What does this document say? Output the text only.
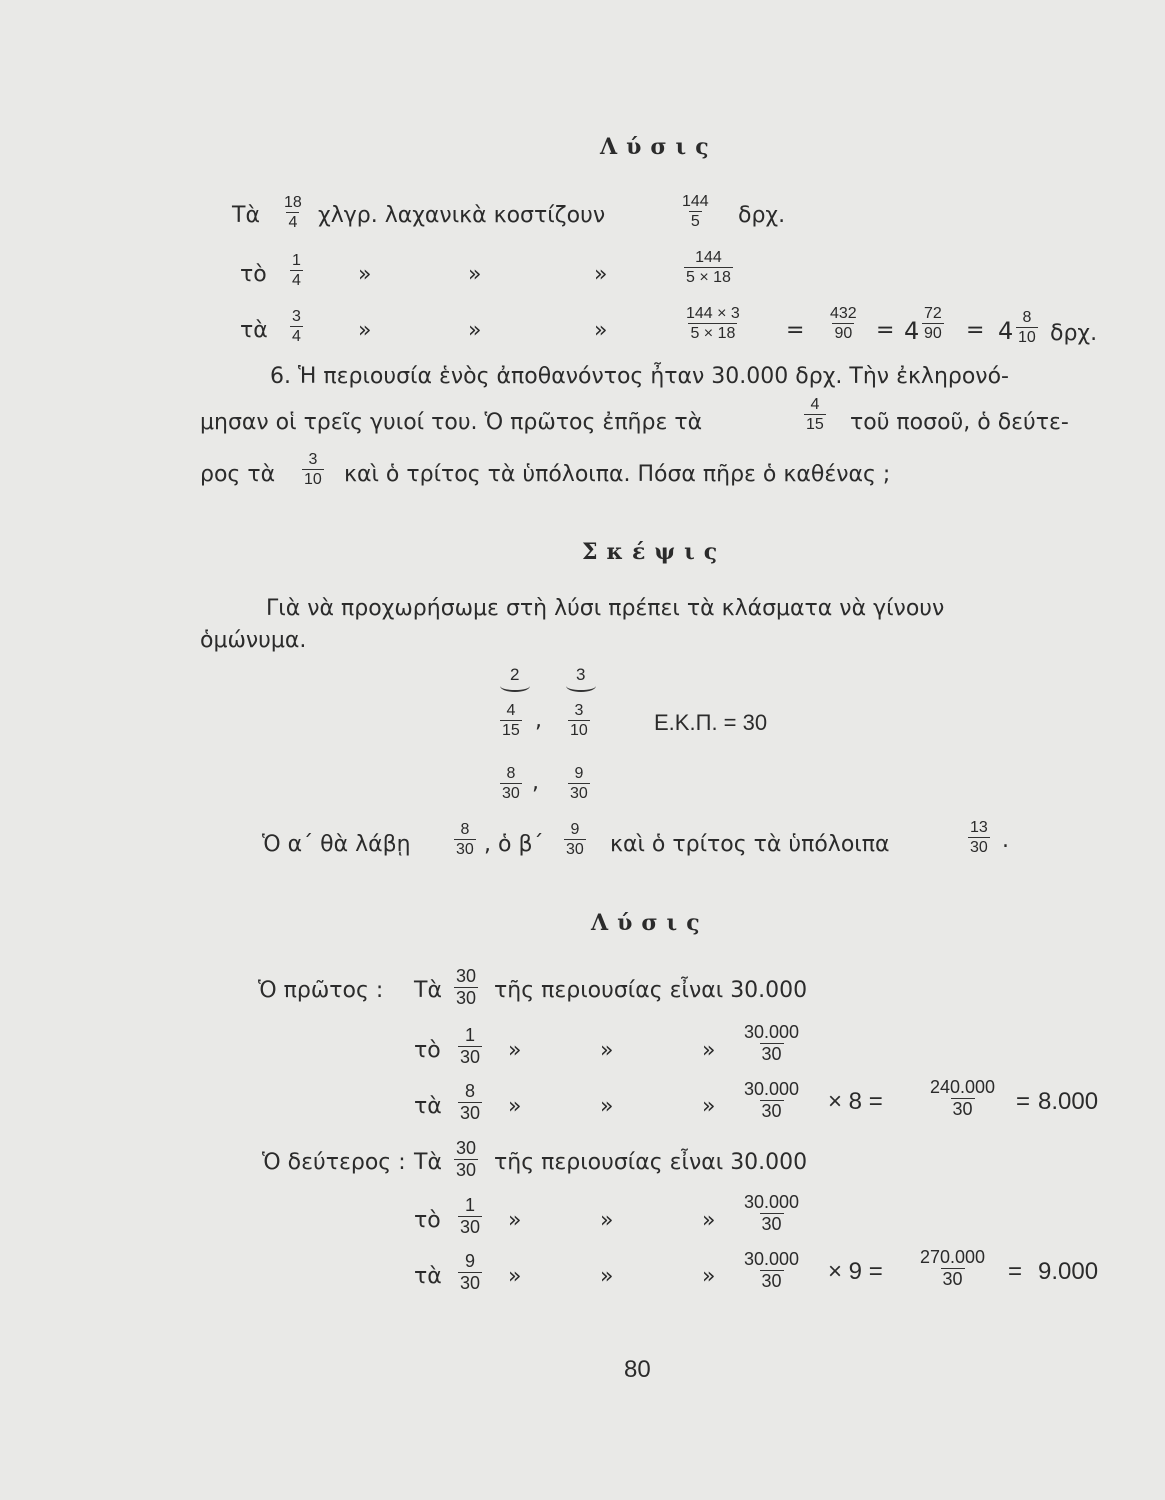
Λύσις
Τὰ $\frac{18}{4} \chi\lambda\gamma\rho$. λαχανικὰ κοστίζουν	$\frac{144}{5} \delta\rho\chi$.
τὸ $\frac{1}{4}$	»	»	»	$\frac{144}{5 \times 18}$
τὰ $\frac{3}{4}$	»	»	»	$\frac{144 \times 3}{5 \times 18} = \frac{432}{90} = 4 \frac{72}{90} = 4 \frac{8}{10} \delta\rho\chi$.
6. Ἡ περιουσία ἑνὸς ἀποθανόντος ἦταν 30.000 δρχ. Τὴν ἐκληρονό-
μησαν οἱ τρεῖς γυιοί του. Ὁ πρῶτος ἐπῆρε τὰ	$\frac{4}{15}$ τοῦ ποσοῦ, ὁ δεύτε-
ρος τὰ $\frac{3}{10}$ καὶ ὁ τρίτος τὰ ὑπόλοιπα. Πόσα πῆρε ὁ καθένας ;
Σκέψις
Γιὰ νὰ προχωρήσωμε στὴ λύσι πρέπει τὰ κλάσματα νὰ γίνουν
ὁμώνυμα.
2	3
$\frac{4}{15}$ , $\frac{3}{10}$	Ε.Κ.Π. = 30
$\frac{8}{30}$ , $\frac{9}{30}$
Ὁ α΄ θὰ λάβῃ	$\frac{8}{30}$ , ὁ $\beta΄ \frac{9}{30}$ καὶ ὁ τρίτος τὰ ὑπόλοιπα	$\frac{13}{30}$ .
Λύσις
Ὁ πρῶτος : Τὰ $\frac{30}{30}$ τῆς περιουσίας εἶναι 30.000
τὸ $\frac{1}{30}$ »	»	» $\frac{30.000}{30}$
τὰ $\frac{8}{30}$ »	»	» $\frac{30.000}{30} \times 8$ =	$\frac{240.000}{30} = 8.000$
Ὁ δεύτερος : Τὰ $\frac{30}{30}$ τῆς περιουσίας εἶναι 30.000
τὸ $\frac{1}{30}$ »	»	» $\frac{30.000}{30}$
τὰ $\frac{9}{30}$ »	»	» $\frac{30.000}{30} \times 9 = \frac{270.000}{30} = 9.000$
80
